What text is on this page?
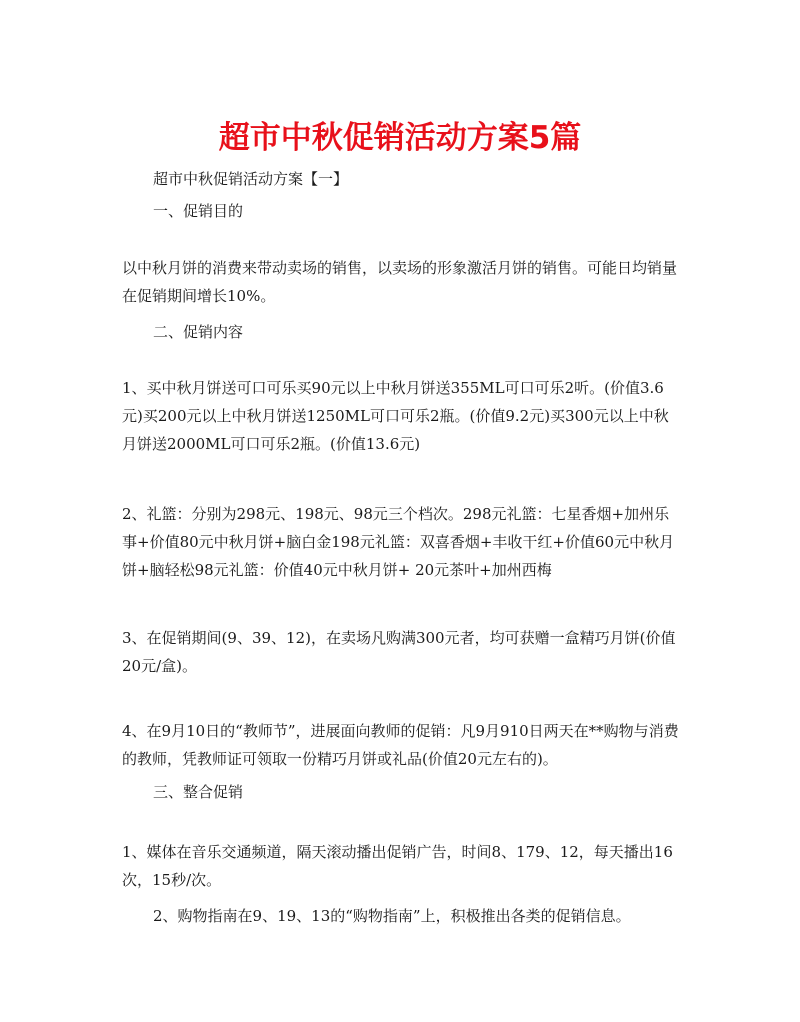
超市中秋促销活动方案5篇

超市中秋促销活动方案【一】

一、促销目的

以中秋月饼的消费来带动卖场的销售，以卖场的形象激活月饼的销售。可能日均销量在促销期间增长10%。

二、促销内容

1、买中秋月饼送可口可乐买90元以上中秋月饼送355ML可口可乐2听。(价值3.6元)买200元以上中秋月饼送1250ML可口可乐2瓶。(价值9.2元)买300元以上中秋月饼送2000ML可口可乐2瓶。(价值13.6元)

2、礼篮：分别为298元、198元、98元三个档次。298元礼篮：七星香烟+加州乐事+价值80元中秋月饼+脑白金198元礼篮：双喜香烟+丰收干红+价值60元中秋月饼+脑轻松98元礼篮：价值40元中秋月饼+ 20元茶叶+加州西梅

3、在促销期间(9、39、12)，在卖场凡购满300元者，均可获赠一盒精巧月饼(价值20元/盒)。

4、在9月10日的“教师节”，进展面向教师的促销：凡9月910日两天在**购物与消费的教师，凭教师证可领取一份精巧月饼或礼品(价值20元左右的)。

三、整合促销

1、媒体在音乐交通频道，隔天滚动播出促销广告，时间8、179、12，每天播出16次，15秒/次。

2、购物指南在9、19、13的“购物指南”上，积极推出各类的促销信息。
